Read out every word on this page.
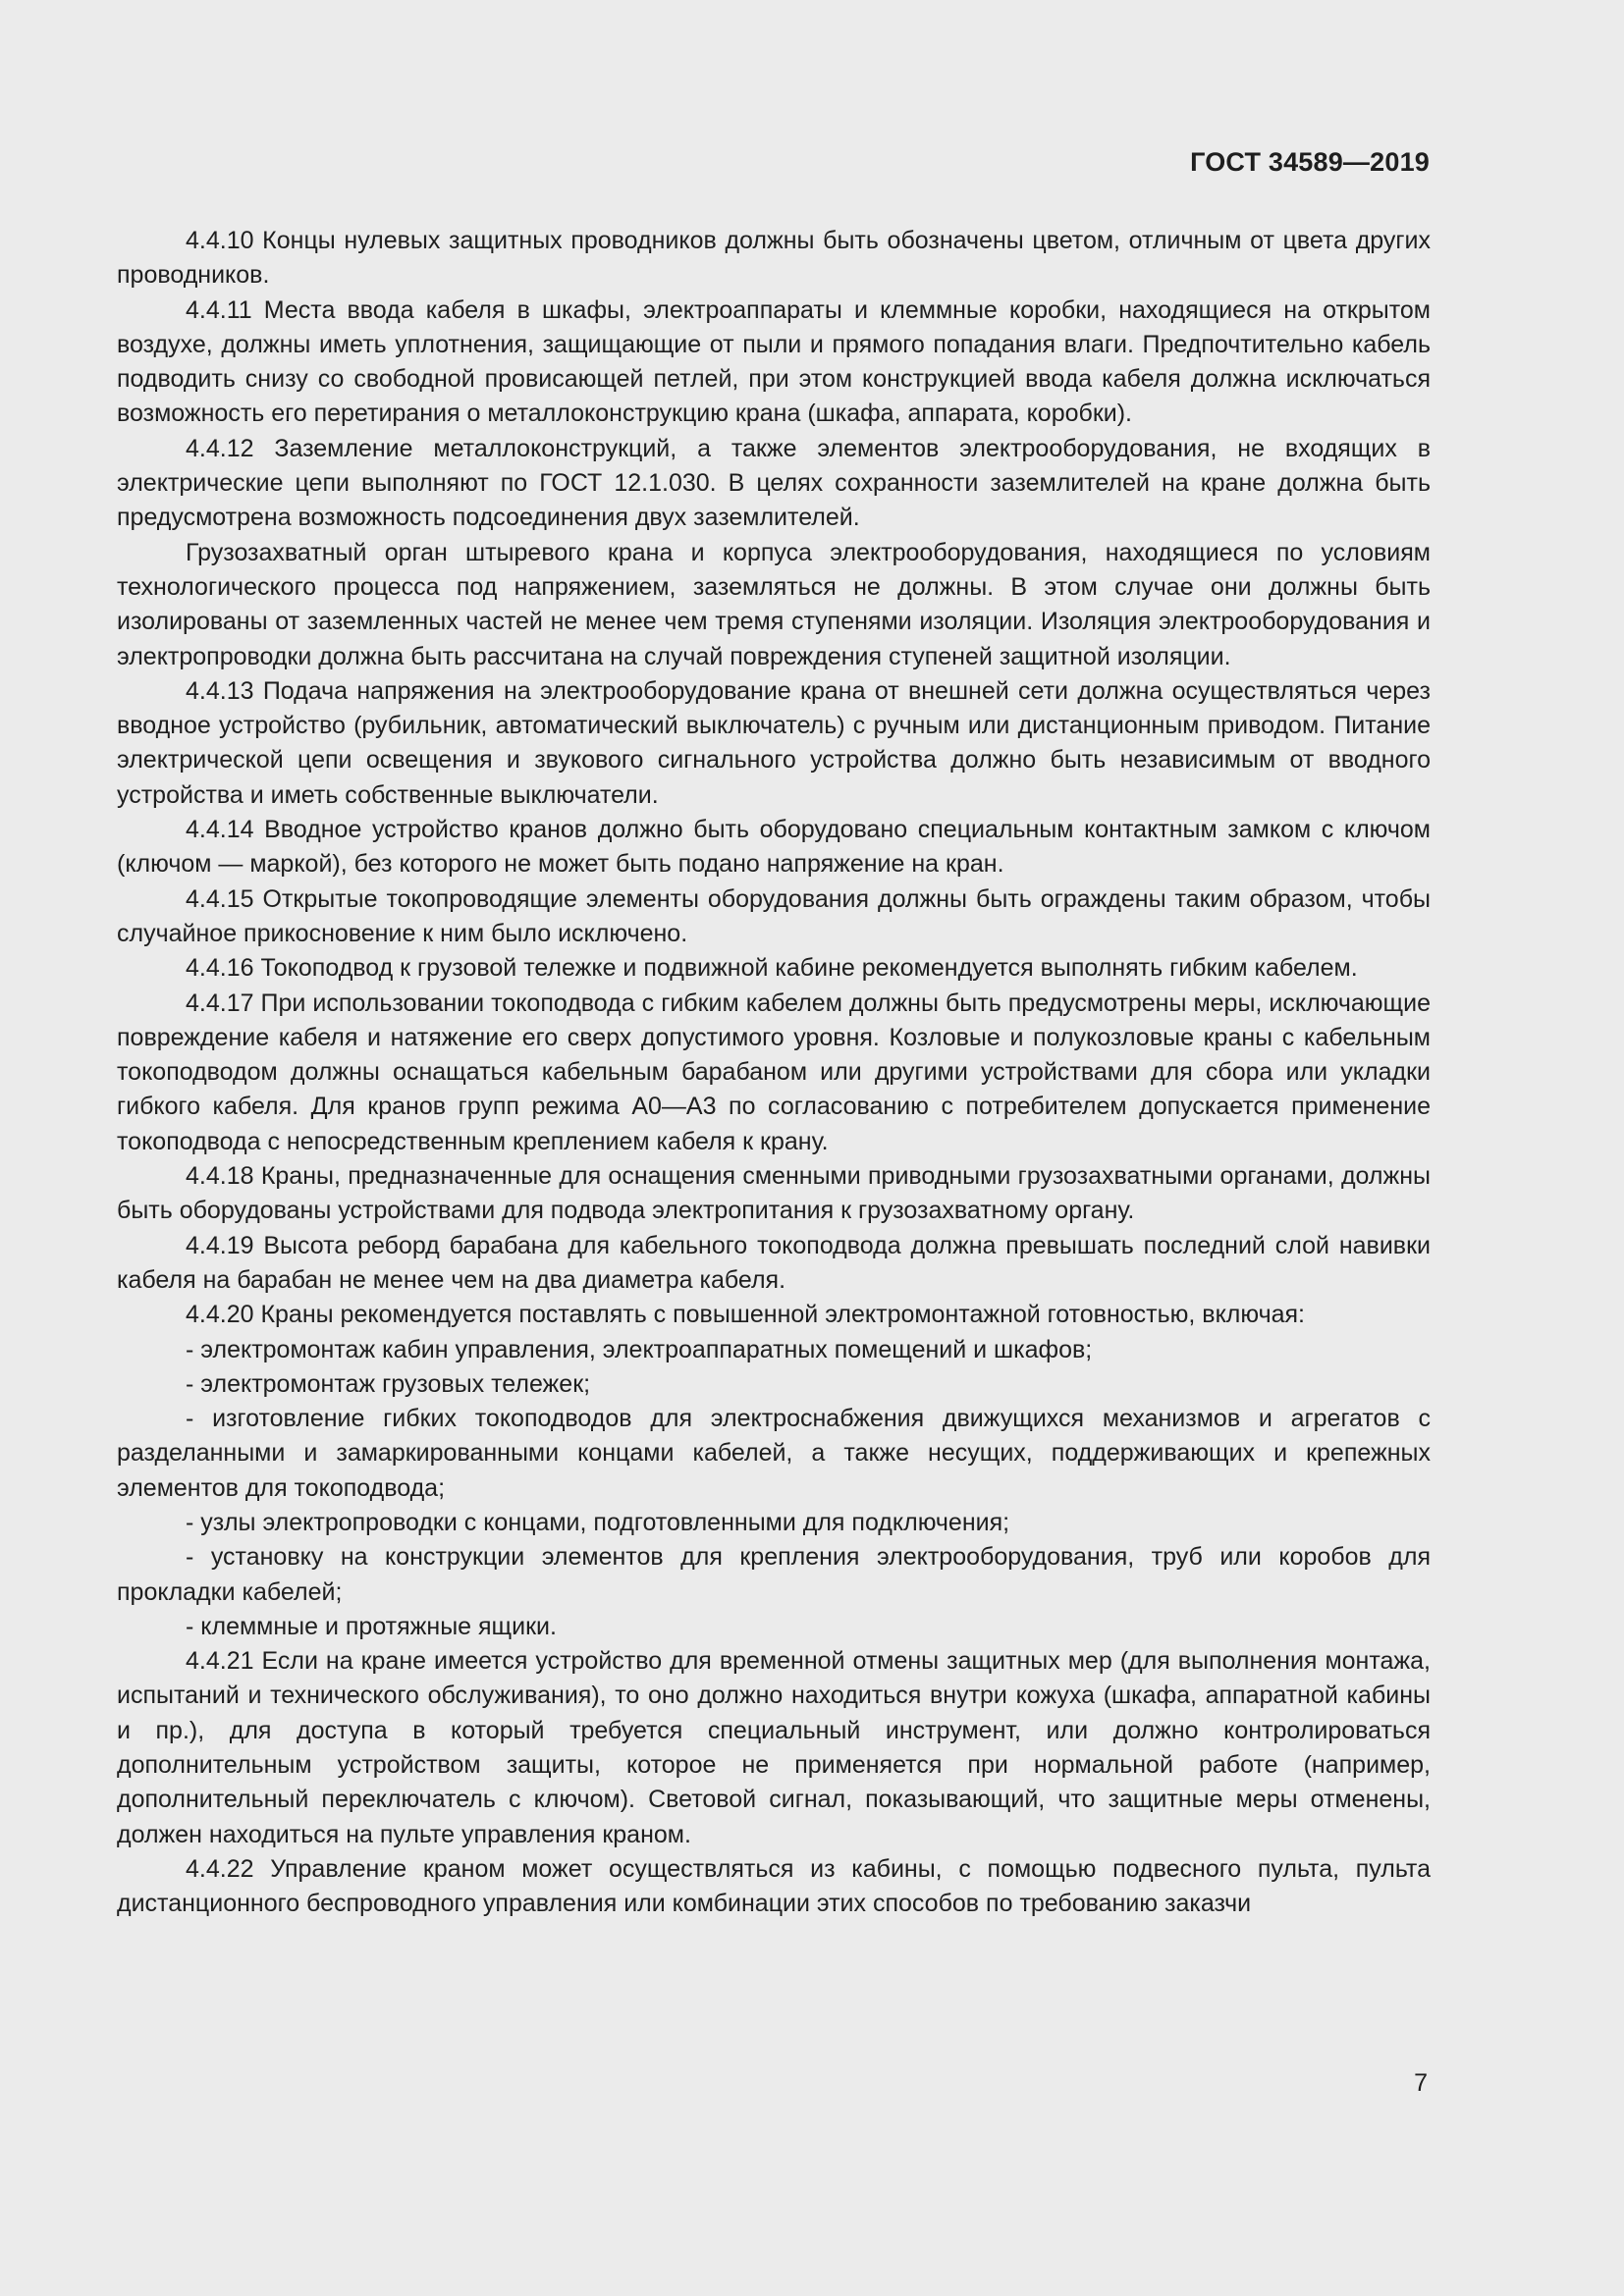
ГОСТ 34589—2019

4.4.10 Концы нулевых защитных проводников должны быть обозначены цветом, отличным от цвета других проводников.

4.4.11 Места ввода кабеля в шкафы, электроаппараты и клеммные коробки, находящиеся на открытом воздухе, должны иметь уплотнения, защищающие от пыли и прямого попадания влаги. Предпочтительно кабель подводить снизу со свободной провисающей петлей, при этом конструкцией ввода кабеля должна исключаться возможность его перетирания о металлоконструкцию крана (шкафа, аппарата, коробки).

4.4.12 Заземление металлоконструкций, а также элементов электрооборудования, не входящих в электрические цепи выполняют по ГОСТ 12.1.030. В целях сохранности заземлителей на кране должна быть предусмотрена возможность подсоединения двух заземлителей.

Грузозахватный орган штыревого крана и корпуса электрооборудования, находящиеся по условиям технологического процесса под напряжением, заземляться не должны. В этом случае они должны быть изолированы от заземленных частей не менее чем тремя ступенями изоляции. Изоляция электрооборудования и электропроводки должна быть рассчитана на случай повреждения ступеней защитной изоляции.

4.4.13 Подача напряжения на электрооборудование крана от внешней сети должна осуществляться через вводное устройство (рубильник, автоматический выключатель) с ручным или дистанционным приводом. Питание электрической цепи освещения и звукового сигнального устройства должно быть независимым от вводного устройства и иметь собственные выключатели.

4.4.14 Вводное устройство кранов должно быть оборудовано специальным контактным замком с ключом (ключом — маркой), без которого не может быть подано напряжение на кран.

4.4.15 Открытые токопроводящие элементы оборудования должны быть ограждены таким образом, чтобы случайное прикосновение к ним было исключено.

4.4.16 Токоподвод к грузовой тележке и подвижной кабине рекомендуется выполнять гибким кабелем.

4.4.17 При использовании токоподвода с гибким кабелем должны быть предусмотрены меры, исключающие повреждение кабеля и натяжение его сверх допустимого уровня. Козловые и полукозловые краны с кабельным токоподводом должны оснащаться кабельным барабаном или другими устройствами для сбора или укладки гибкого кабеля. Для кранов групп режима А0—А3 по согласованию с потребителем допускается применение токоподвода с непосредственным креплением кабеля к крану.

4.4.18 Краны, предназначенные для оснащения сменными приводными грузозахватными органами, должны быть оборудованы устройствами для подвода электропитания к грузозахватному органу.

4.4.19 Высота реборд барабана для кабельного токоподвода должна превышать последний слой навивки кабеля на барабан не менее чем на два диаметра кабеля.

4.4.20 Краны рекомендуется поставлять с повышенной электромонтажной готовностью, включая:

- электромонтаж кабин управления, электроаппаратных помещений и шкафов;

- электромонтаж грузовых тележек;

- изготовление гибких токоподводов для электроснабжения движущихся механизмов и агрегатов с разделанными и замаркированными концами кабелей, а также несущих, поддерживающих и крепежных элементов для токоподвода;

- узлы электропроводки с концами, подготовленными для подключения;

- установку на конструкции элементов для крепления электрооборудования, труб или коробов для прокладки кабелей;

- клеммные и протяжные ящики.

4.4.21 Если на кране имеется устройство для временной отмены защитных мер (для выполнения монтажа, испытаний и технического обслуживания), то оно должно находиться внутри кожуха (шкафа, аппаратной кабины и пр.), для доступа в который требуется специальный инструмент, или должно контролироваться дополнительным устройством защиты, которое не применяется при нормальной работе (например, дополнительный переключатель с ключом). Световой сигнал, показывающий, что защитные меры отменены, должен находиться на пульте управления краном.

4.4.22 Управление краном может осуществляться из кабины, с помощью подвесного пульта, пульта дистанционного беспроводного управления или комбинации этих способов по требованию заказчи

7
